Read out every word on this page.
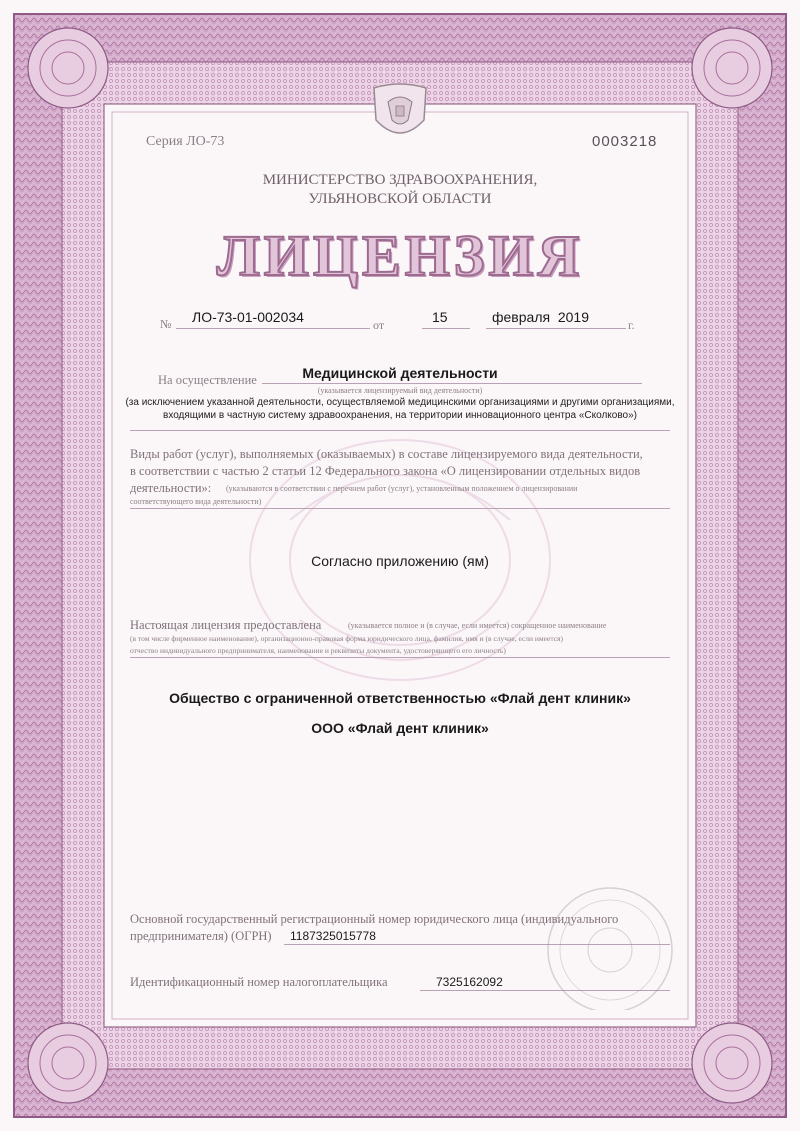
Серия ЛО-73	0003218
МИНИСТЕРСТВО ЗДРАВООХРАНЕНИЯ,
УЛЬЯНОВСКОЙ ОБЛАСТИ
ЛИЦЕНЗИЯ
№ ЛО-73-01-002034	от	15	февраля  2019	г.
Медицинской деятельности
На осуществление
(указывается лицензируемый вид деятельности)
(за исключением указанной деятельности, осуществляемой медицинскими организациями и другими организациями,
входящими в частную систему здравоохранения, на территории инновационного центра «Сколково»)
Виды работ (услуг), выполняемых (оказываемых) в составе лицензируемого вида деятельности,
в соответствии с частью 2 статьи 12 Федерального закона «О лицензировании отдельных видов
деятельности»: (указываются в соответствии с перечнем работ (услуг), установленным положением о лицензировании
соответствующего вида деятельности)
Согласно приложению (ям)
Настоящая лицензия предоставлена	(указывается полное и (в случае, если имеется) сокращенное наименование
(в том числе фирменное наименование), организационно-правовая форма юридического лица, фамилия, имя и (в случае, если имеется)
отчество индивидуального предпринимателя, наименование и реквизиты документа, удостоверяющего его личность)
Общество с ограниченной ответственностью «Флай дент клиник»
ООО «Флай дент клиник»
Основной государственный регистрационный номер юридического лица (индивидуального
предпринимателя) (ОГРН) 1187325015778
Идентификационный номер налогоплательщика	7325162092
